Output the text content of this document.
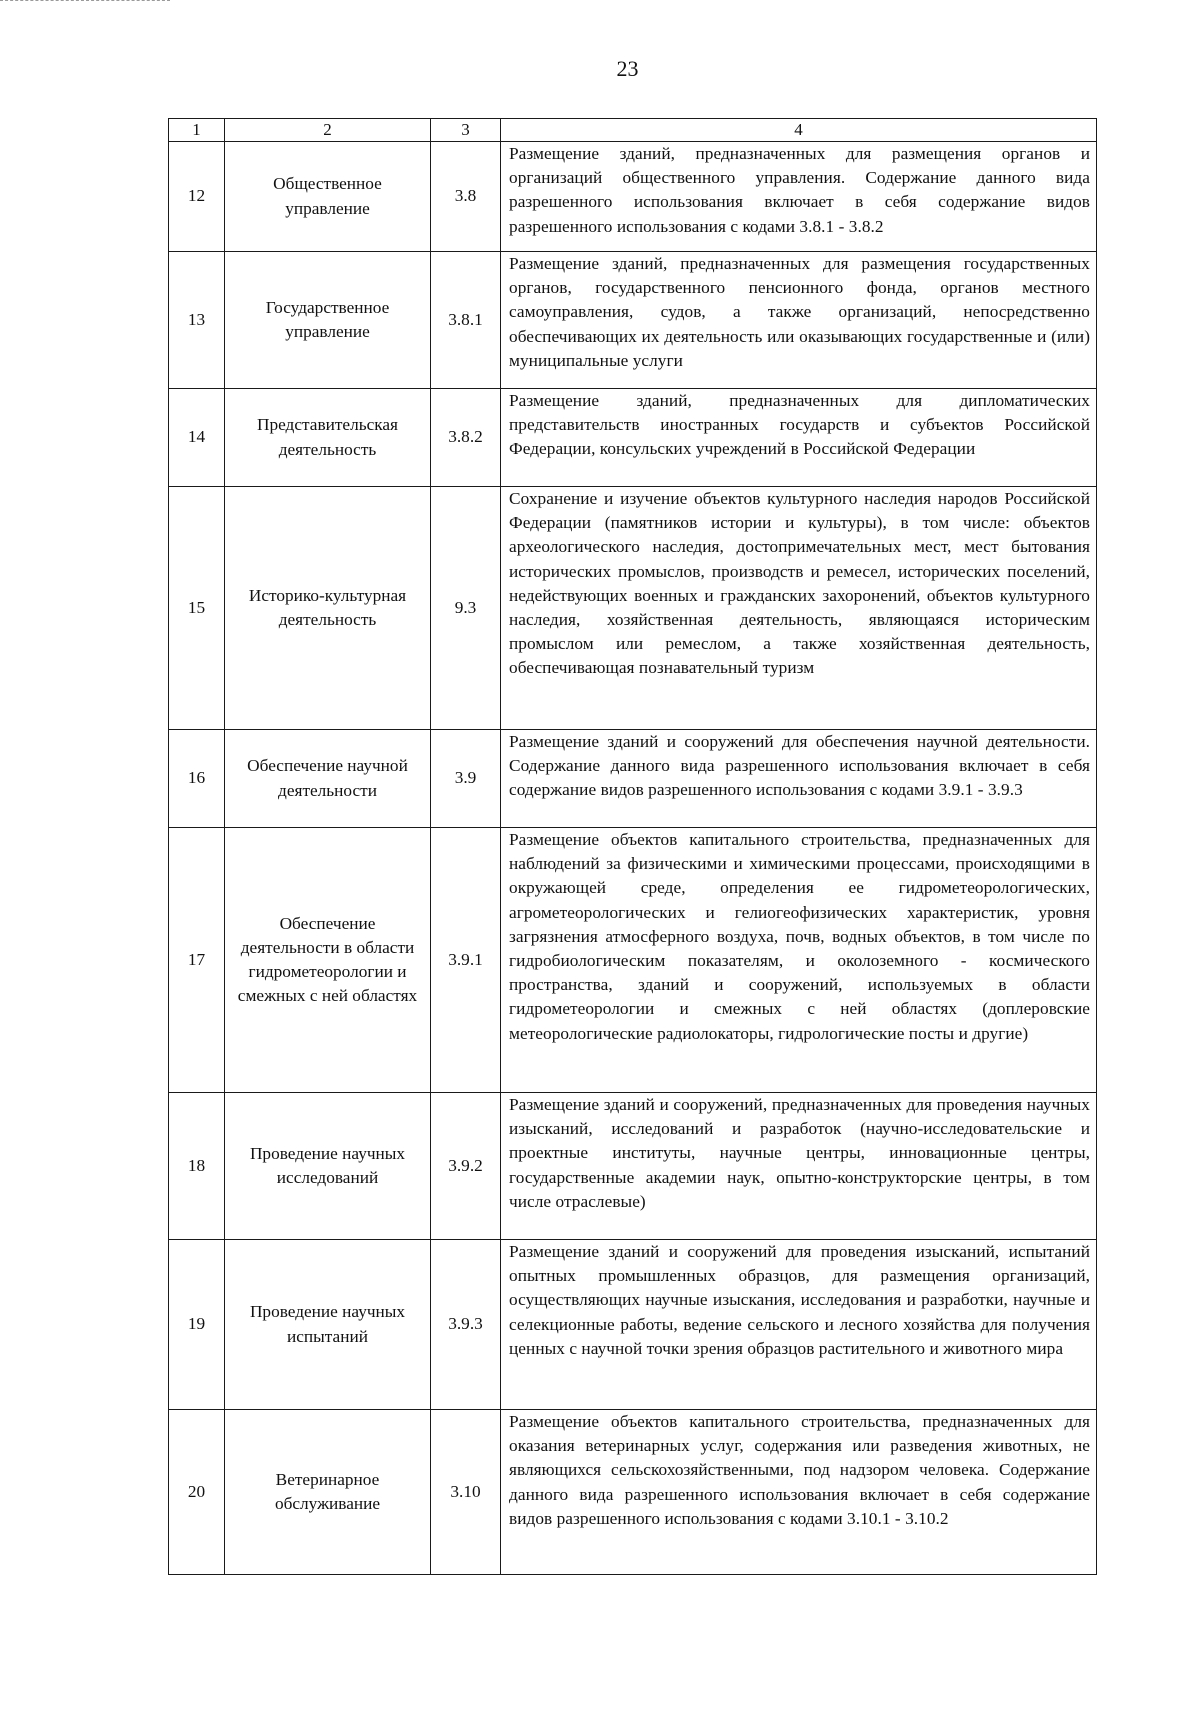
23
1	2	3	4
12	Общественное управление	3.8	Размещение зданий, предназначенных для размещения органов и организаций общественного управления. Содержание данного вида разрешенного использования включает в себя содержание видов разрешенного использования с кодами 3.8.1 - 3.8.2
13	Государственное управление	3.8.1	Размещение зданий, предназначенных для размещения государственных органов, государственного пенсионного фонда, органов местного самоуправления, судов, а также организаций, непосредственно обеспечивающих их деятельность или оказывающих государственные и (или) муниципальные услуги
14	Представительская деятельность	3.8.2	Размещение зданий, предназначенных для дипломатических представительств иностранных государств и субъектов Российской Федерации, консульских учреждений в Российской Федерации
15	Историко-культурная деятельность	9.3	Сохранение и изучение объектов культурного наследия народов Российской Федерации (памятников истории и культуры), в том числе: объектов археологического наследия, достопримечательных мест, мест бытования исторических промыслов, производств и ремесел, исторических поселений, недействующих военных и гражданских захоронений, объектов культурного наследия, хозяйственная деятельность, являющаяся историческим промыслом или ремеслом, а также хозяйственная деятельность, обеспечивающая познавательный туризм
16	Обеспечение научной деятельности	3.9	Размещение зданий и сооружений для обеспечения научной деятельности. Содержание данного вида разрешенного использования включает в себя содержание видов разрешенного использования с кодами 3.9.1 - 3.9.3
17	Обеспечение деятельности в области гидрометеорологии и смежных с ней областях	3.9.1	Размещение объектов капитального строительства, предназначенных для наблюдений за физическими и химическими процессами, происходящими в окружающей среде, определения ее гидрометеорологических, агрометеорологических и гелиогеофизических характеристик, уровня загрязнения атмосферного воздуха, почв, водных объектов, в том числе по гидробиологическим показателям, и околоземного - космического пространства, зданий и сооружений, используемых в области гидрометеорологии и смежных с ней областях (доплеровские метеорологические радиолокаторы, гидрологические посты и другие)
18	Проведение научных исследований	3.9.2	Размещение зданий и сооружений, предназначенных для проведения научных изысканий, исследований и разработок (научно-исследовательские и проектные институты, научные центры, инновационные центры, государственные академии наук, опытно-конструкторские центры, в том числе отраслевые)
19	Проведение научных испытаний	3.9.3	Размещение зданий и сооружений для проведения изысканий, испытаний опытных промышленных образцов, для размещения организаций, осуществляющих научные изыскания, исследования и разработки, научные и селекционные работы, ведение сельского и лесного хозяйства для получения ценных с научной точки зрения образцов растительного и животного мира
20	Ветеринарное обслуживание	3.10	Размещение объектов капитального строительства, предназначенных для оказания ветеринарных услуг, содержания или разведения животных, не являющихся сельскохозяйственными, под надзором человека. Содержание данного вида разрешенного использования включает в себя содержание видов разрешенного использования с кодами 3.10.1 - 3.10.2
